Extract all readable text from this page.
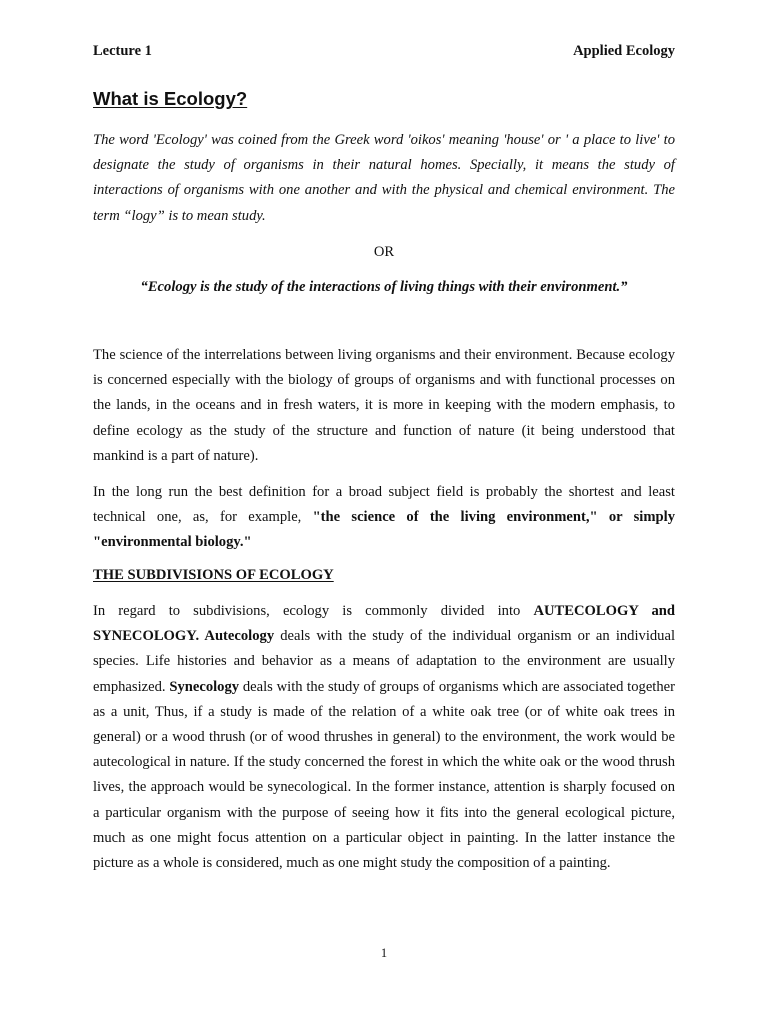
Lecture 1	Applied Ecology
What is Ecology?

The word 'Ecology' was coined from the Greek word 'oikos' meaning 'house' or ' a place to live' to designate the study of organisms in their natural homes. Specially, it means the study of interactions of organisms with one another and with the physical and chemical environment. The term “logy” is to mean study.

OR

“Ecology is the study of the interactions of living things with their environment.”

The science of the interrelations between living organisms and their environment. Because ecology is concerned especially with the biology of groups of organisms and with functional processes on the lands, in the oceans and in fresh waters, it is more in keeping with the modern emphasis, to define ecology as the study of the structure and function of nature (it being understood that mankind is a part of nature).

In the long run the best definition for a broad subject field is probably the shortest and least technical one, as, for example, "the science of the living environment," or simply "environmental biology."

THE SUBDIVISIONS OF ECOLOGY

In regard to subdivisions, ecology is commonly divided into AUTECOLOGY and SYNECOLOGY. Autecology deals with the study of the individual organism or an individual species. Life histories and behavior as a means of adaptation to the environment are usually emphasized. Synecology deals with the study of groups of organisms which are associated together as a unit, Thus, if a study is made of the relation of a white oak tree (or of white oak trees in general) or a wood thrush (or of wood thrushes in general) to the environment, the work would be autecological in nature. If the study concerned the forest in which the white oak or the wood thrush lives, the approach would be synecological. In the former instance, attention is sharply focused on a particular organism with the purpose of seeing how it fits into the general ecological picture, much as one might focus attention on a particular object in painting. In the latter instance the picture as a whole is considered, much as one might study the composition of a painting.

1
